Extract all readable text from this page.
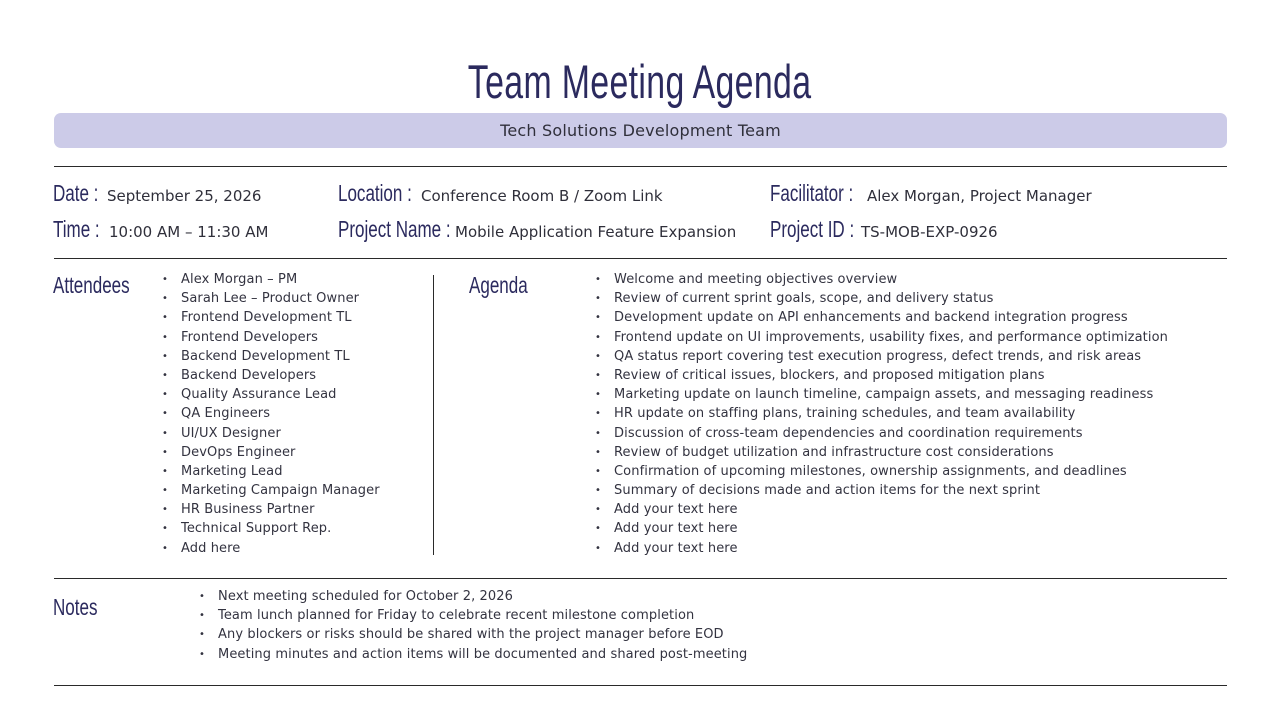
Team Meeting Agenda
Tech Solutions Development Team
Date : September 25, 2026	Location : Conference Room B / Zoom Link	Facilitator : Alex Morgan, Project Manager
Time : 10:00 AM – 11:30 AM	Project Name : Mobile Application Feature Expansion Project ID : TS-MOB-EXP-0926
Attendees	• Alex Morgan – PM
• Sarah Lee – Product Owner
• Frontend Development TL
• Frontend Developers
• Backend Development TL
• Backend Developers
• Quality Assurance Lead
• QA Engineers
• UI/UX Designer
• DevOps Engineer
• Marketing Lead
• Marketing Campaign Manager
• HR Business Partner
• Technical Support Rep.
• Add here
Agenda	• Welcome and meeting objectives overview
• Review of current sprint goals, scope, and delivery status
• Development update on API enhancements and backend integration progress
• Frontend update on UI improvements, usability fixes, and performance optimization
• QA status report covering test execution progress, defect trends, and risk areas
• Review of critical issues, blockers, and proposed mitigation plans
• Marketing update on launch timeline, campaign assets, and messaging readiness
• HR update on staffing plans, training schedules, and team availability
• Discussion of cross-team dependencies and coordination requirements
• Review of budget utilization and infrastructure cost considerations
• Confirmation of upcoming milestones, ownership assignments, and deadlines
• Summary of decisions made and action items for the next sprint
• Add your text here
• Add your text here
• Add your text here
Notes	• Next meeting scheduled for October 2, 2026
• Team lunch planned for Friday to celebrate recent milestone completion
• Any blockers or risks should be shared with the project manager before EOD
• Meeting minutes and action items will be documented and shared post-meeting
